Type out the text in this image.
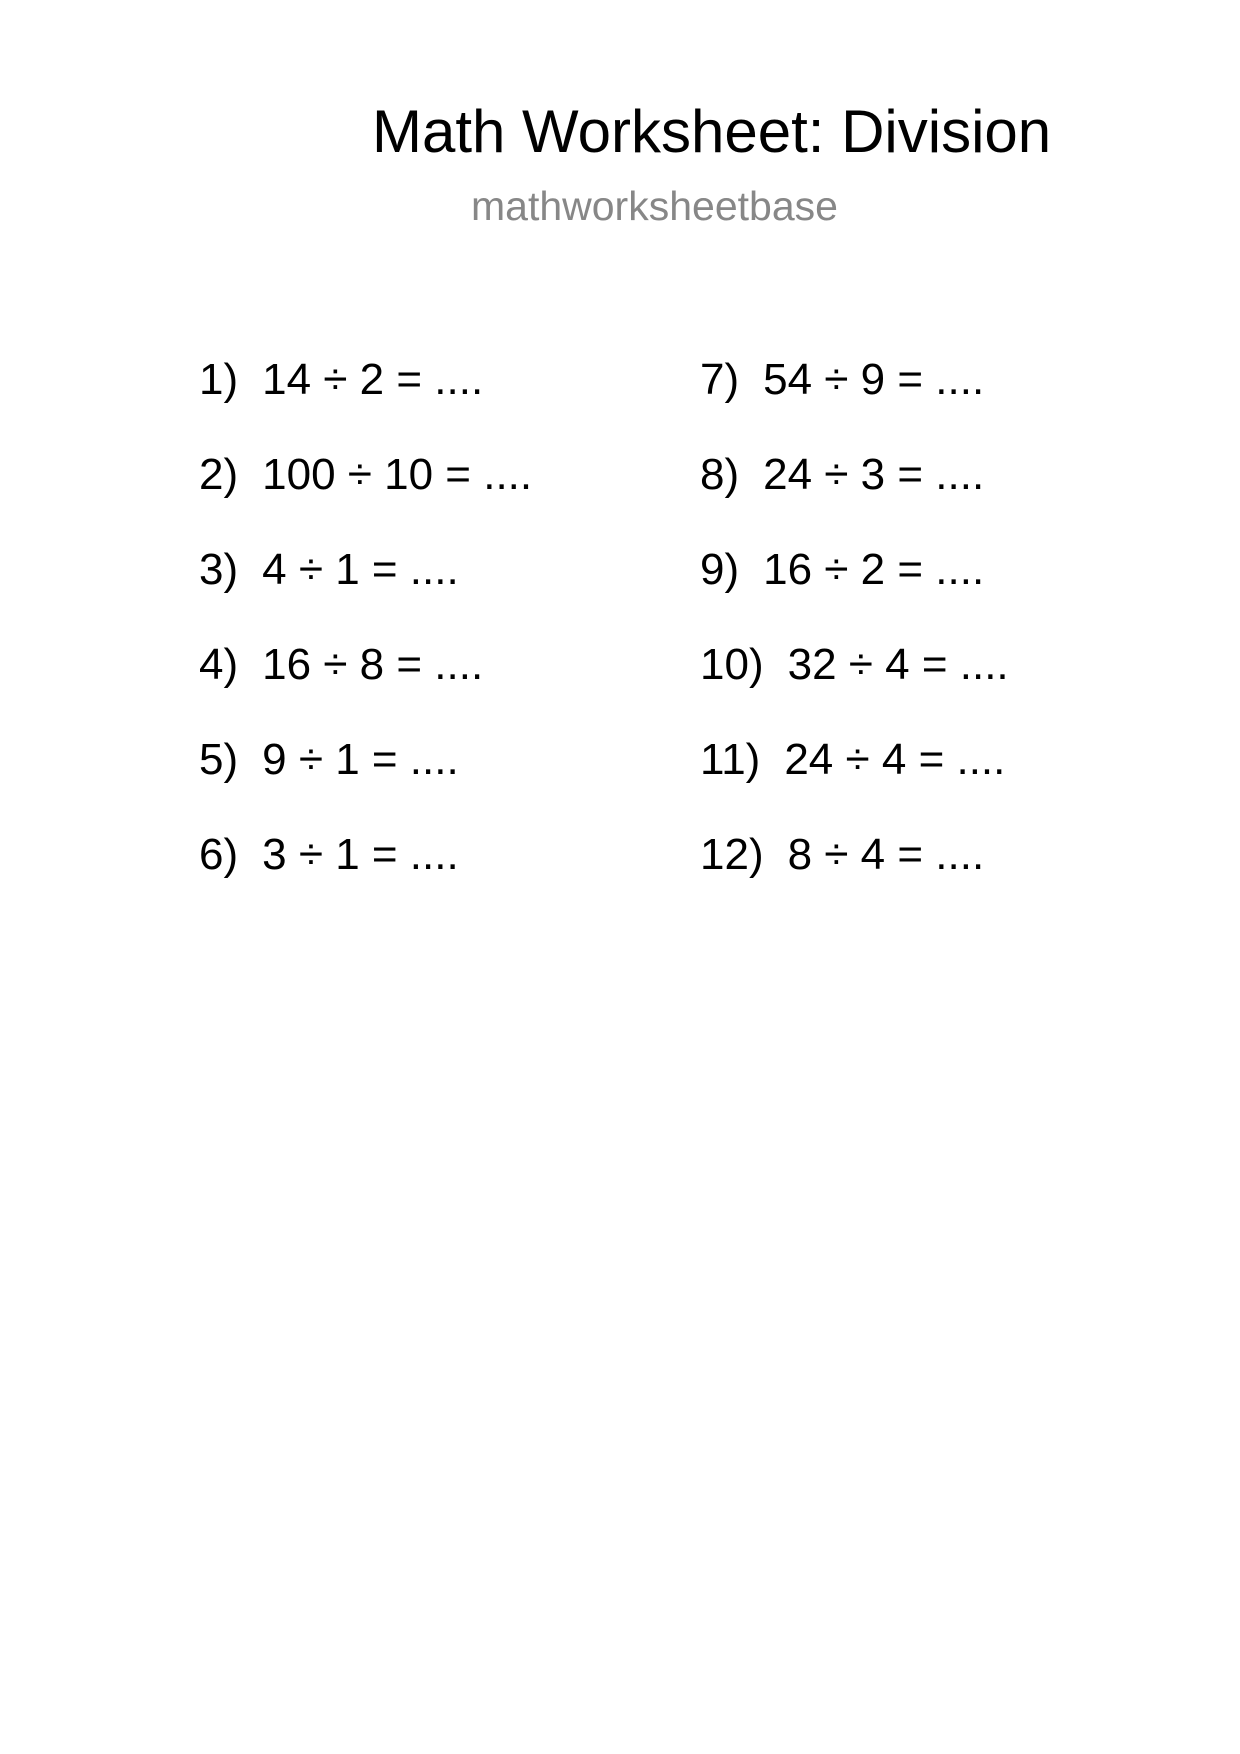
Math Worksheet: Division
mathworksheetbase
1) 14 ÷ 2 = ....
2) 100 ÷ 10 = ....
3) 4 ÷ 1 = ....
4) 16 ÷ 8 = ....
5) 9 ÷ 1 = ....
6) 3 ÷ 1 = ....
7) 54 ÷ 9 = ....
8) 24 ÷ 3 = ....
9) 16 ÷ 2 = ....
10) 32 ÷ 4 = ....
11) 24 ÷ 4 = ....
12) 8 ÷ 4 = ....
